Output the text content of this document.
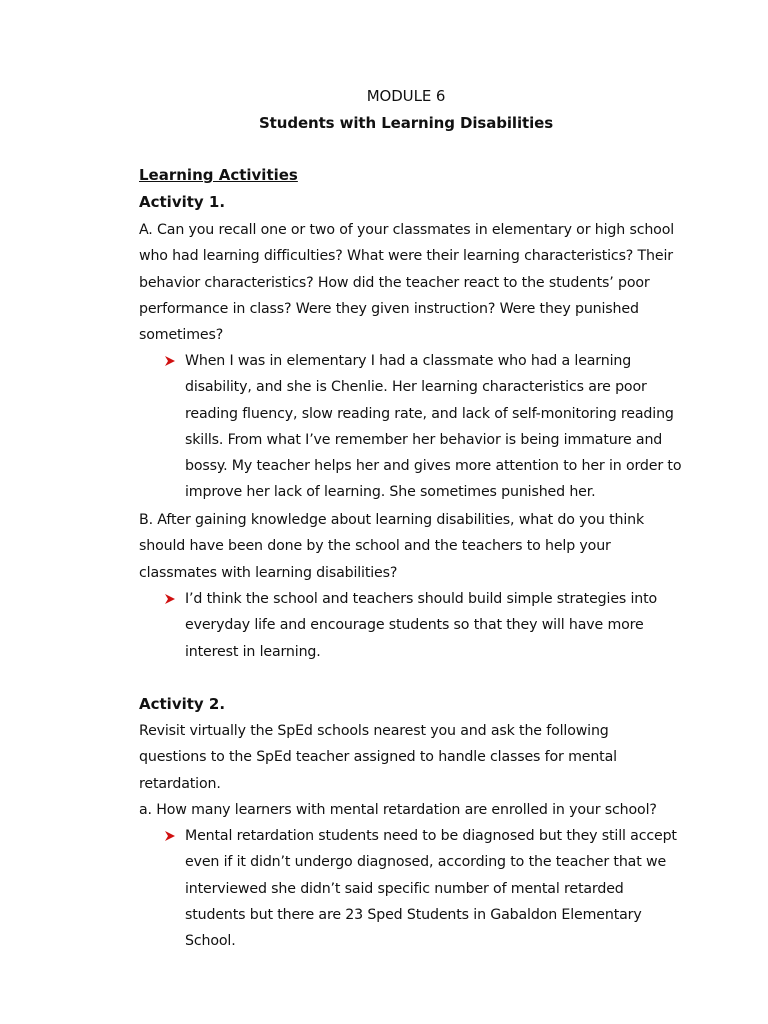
MODULE 6
Students with Learning Disabilities
Learning Activities
Activity 1.
A. Can you recall one or two of your classmates in elementary or high school who had learning difficulties? What were their learning characteristics? Their behavior characteristics? How did the teacher react to the students’ poor performance in class? Were they given instruction? Were they punished sometimes?
When I was in elementary I had a classmate who had a learning disability, and she is Chenlie. Her learning characteristics are poor reading fluency, slow reading rate, and lack of self-monitoring reading skills. From what I’ve remember her behavior is being immature and bossy. My teacher helps her and gives more attention to her in order to improve her lack of learning. She sometimes punished her.
B. After gaining knowledge about learning disabilities, what do you think should have been done by the school and the teachers to help your classmates with learning disabilities?
I’d think the school and teachers should build simple strategies into everyday life and encourage students so that they will have more interest in learning.
Activity 2.
Revisit virtually the SpEd schools nearest you and ask the following questions to the SpEd teacher assigned to handle classes for mental retardation.
a. How many learners with mental retardation are enrolled in your school?
Mental retardation students need to be diagnosed but they still accept even if it didn’t undergo diagnosed, according to the teacher that we interviewed she didn’t said specific number of mental retarded students but there are 23 Sped Students in Gabaldon Elementary School.
